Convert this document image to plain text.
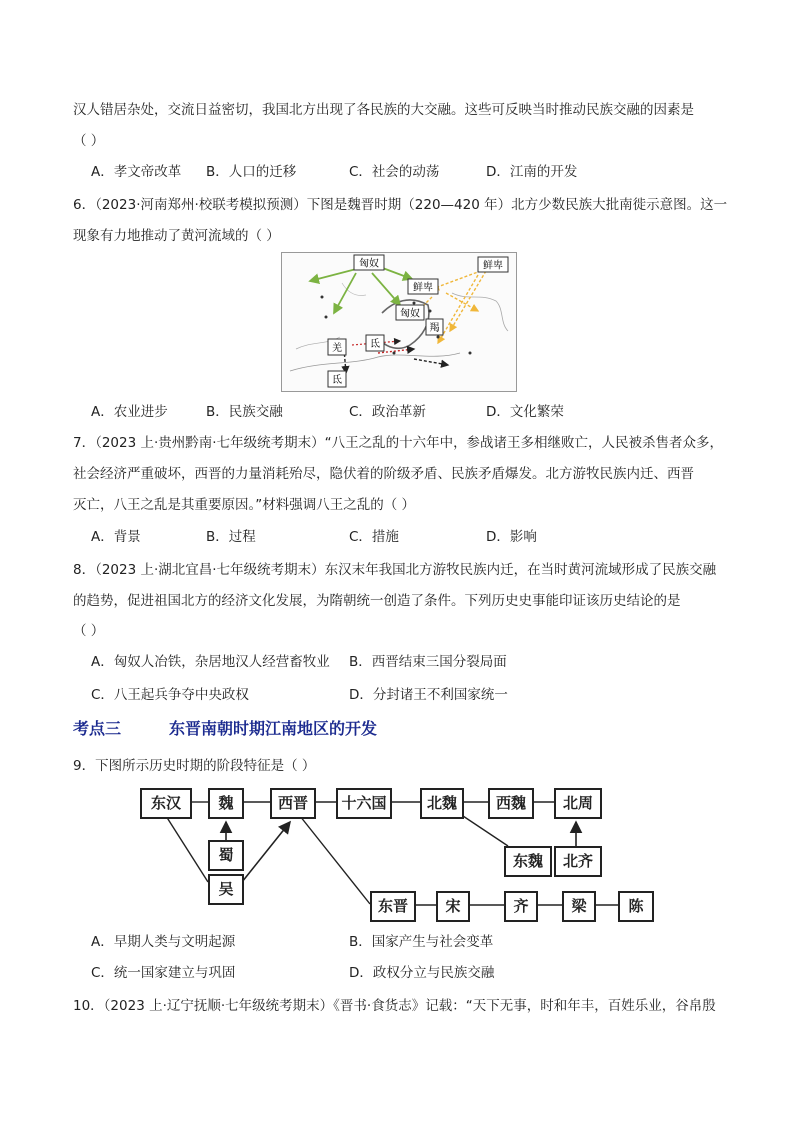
汉人错居杂处，交流日益密切，我国北方出现了各民族的大交融。这些可反映当时推动民族交融的因素是
（ ）
A．孝文帝改革 B．人口的迁移	C．社会的动荡	D．江南的开发
6．（2023·河南郑州·校联考模拟预测）下图是魏晋时期（220—420 年）北方少数民族大批南徙示意图。这一
现象有力地推动了黄河流域的（ ）
匈奴	鲜卑
鲜卑
匈奴
羯
羌	氐
氐
A．农业进步	B．民族交融	C．政治革新	D．文化繁荣
7．（2023 上·贵州黔南·七年级统考期末）“八王之乱的十六年中，参战诸王多相继败亡，人民被杀售者众多，
社会经济严重破坏，西晋的力量消耗殆尽，隐伏着的阶级矛盾、民族矛盾爆发。北方游牧民族内迁、西晋
灭亡，八王之乱是其重要原因。”材料强调八王之乱的（ ）
A．背景	B．过程	C．措施	D．影响
8．（2023 上·湖北宜昌·七年级统考期末）东汉末年我国北方游牧民族内迁，在当时黄河流域形成了民族交融
的趋势，促进祖国北方的经济文化发展，为隋朝统一创造了条件。下列历史史事能印证该历史结论的是
（ ）
A．匈奴人冶铁，杂居地汉人经营畜牧业 B．西晋结束三国分裂局面
C．八王起兵争夺中央政权	D．分封诸王不利国家统一
考点三	东晋南朝时期江南地区的开发
9．下图所示历史时期的阶段特征是（ ）
东汉	魏
蜀
吴
西晋	十六国	北魏	西魏	北周
东魏	北齐
东晋	宋	齐	梁	陈
A．早期人类与文明起源	B．国家产生与社会变革
C．统一国家建立与巩固	D．政权分立与民族交融
10．（2023 上·辽宁抚顺·七年级统考期末）《晋书·食货志》记载：“天下无事，时和年丰，百姓乐业，谷帛殷
